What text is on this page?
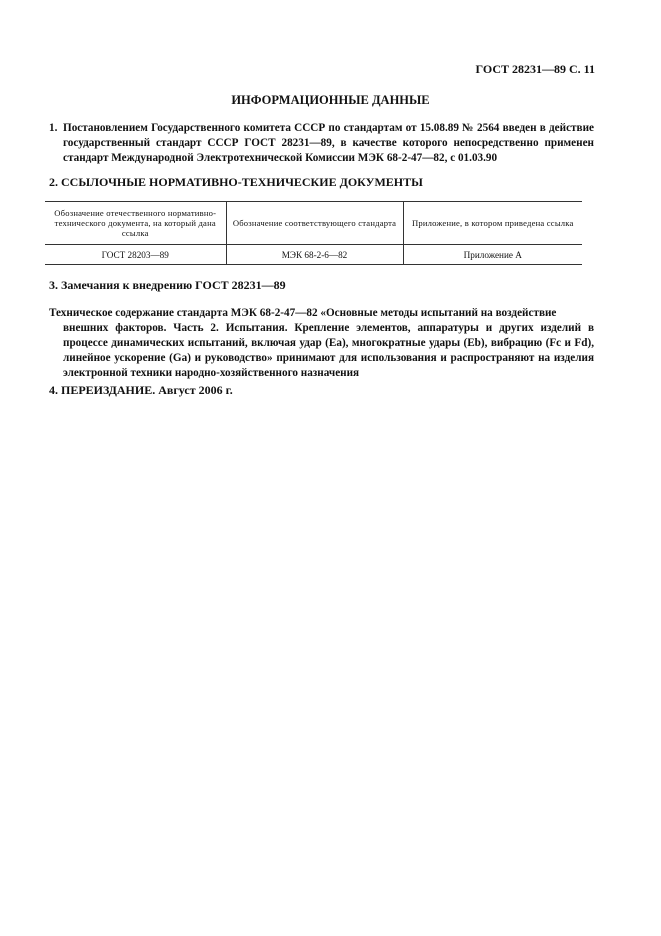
ГОСТ 28231—89 С. 11
ИНФОРМАЦИОННЫЕ ДАННЫЕ
1. Постановлением Государственного комитета СССР по стандартам от 15.08.89 № 2564 введен в действие государственный стандарт СССР ГОСТ 28231—89, в качестве которого непосредственно применен стандарт Международной Электротехнической Комиссии МЭК 68-2-47—82, с 01.03.90
2. ССЫЛОЧНЫЕ НОРМАТИВНО-ТЕХНИЧЕСКИЕ ДОКУМЕНТЫ
Обозначение отечественного нормативно-технического документа, на который дана ссылка	Обозначение соответствующего стандарта	Приложение, в котором приведена ссылка
ГОСТ 28203—89	МЭК 68-2-6—82	Приложение А
3. Замечания к внедрению ГОСТ 28231—89
Техническое содержание стандарта МЭК 68-2-47—82 «Основные методы испытаний на воздействие
внешних факторов. Часть 2. Испытания. Крепление элементов, аппаратуры и других изделий в процессе динамических испытаний, включая удар (Ea), многократные удары (Eb), вибрацию (Fc и Fd), линейное ускорение (Ga) и руководство» принимают для использования и распространяют на изделия электронной техники народно-хозяйственного назначения
4. ПЕРЕИЗДАНИЕ. Август 2006 г.
